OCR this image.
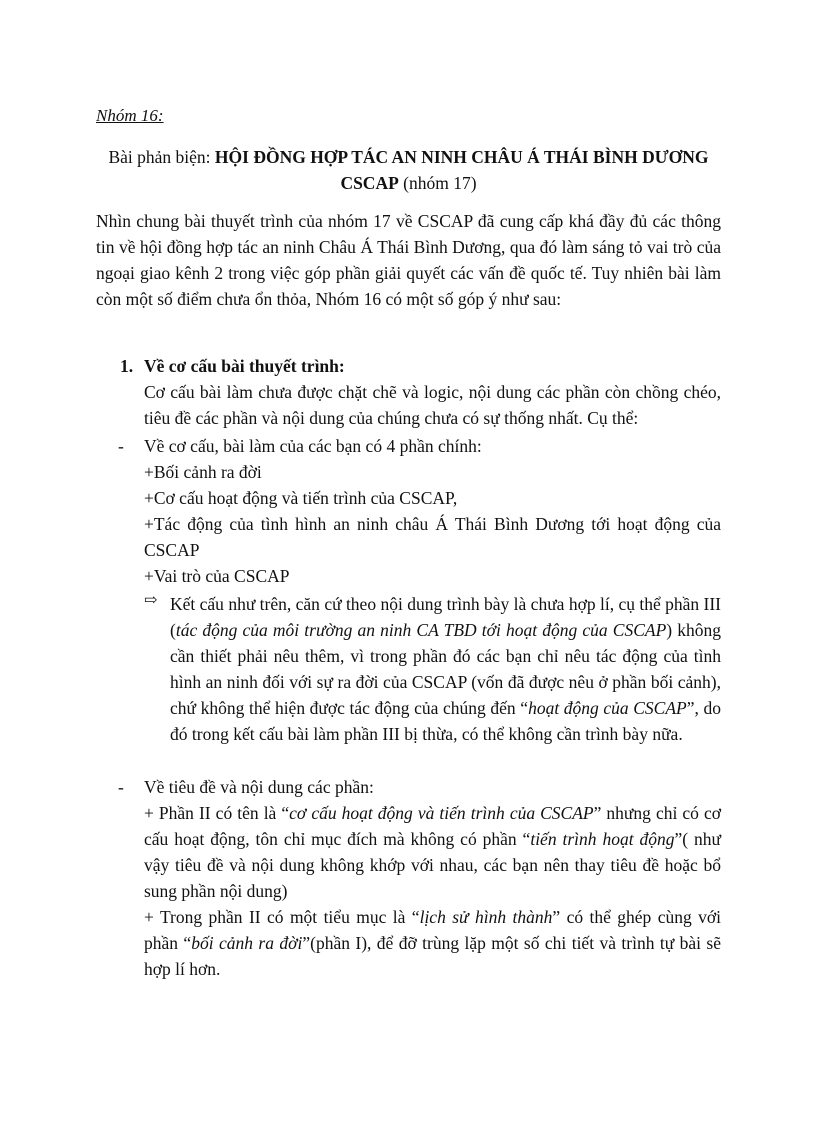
Nhóm 16:

Bài phản biện: HỘI ĐỒNG HỢP TÁC AN NINH CHÂU Á THÁI BÌNH DƯƠNG CSCAP (nhóm 17)

Nhìn chung bài thuyết trình của nhóm 17 về CSCAP đã cung cấp khá đầy đủ các thông tin về hội đồng hợp tác an ninh Châu Á Thái Bình Dương, qua đó làm sáng tỏ vai trò của ngoại giao kênh 2 trong việc góp phần giải quyết các vấn đề quốc tế. Tuy nhiên bài làm còn một số điểm chưa ổn thỏa, Nhóm 16 có một số góp ý như sau:

1. Về cơ cấu bài thuyết trình:

Cơ cấu bài làm chưa được chặt chẽ và logic, nội dung các phần còn chồng chéo, tiêu đề các phần và nội dung của chúng chưa có sự thống nhất. Cụ thể:

- Về cơ cấu, bài làm của các bạn có 4 phần chính:

+Bối cảnh ra đời

+Cơ cấu hoạt động và tiến trình của CSCAP,

+Tác động của tình hình an ninh châu Á Thái Bình Dương tới hoạt động của CSCAP

+Vai trò của CSCAP

⇨ Kết cấu như trên, căn cứ theo nội dung trình bày là chưa hợp lí, cụ thể phần III (tác động của môi trường an ninh CA TBD tới hoạt động của CSCAP) không cần thiết phải nêu thêm, vì trong phần đó các bạn chỉ nêu tác động của tình hình an ninh đối với sự ra đời của CSCAP (vốn đã được nêu ở phần bối cảnh), chứ không thể hiện được tác động của chúng đến “hoạt động của CSCAP”, do đó trong kết cấu bài làm phần III bị thừa, có thể không cần trình bày nữa.

- Về tiêu đề và nội dung các phần:

+ Phần II có tên là “cơ cấu hoạt động và tiến trình của CSCAP” nhưng chỉ có cơ cấu hoạt động, tôn chỉ mục đích mà không có phần “tiến trình hoạt động”( như vậy tiêu đề và nội dung không khớp với nhau, các bạn nên thay tiêu đề hoặc bổ sung phần nội dung)

+ Trong phần II có một tiểu mục là “lịch sử hình thành” có thể ghép cùng với phần “bối cảnh ra đời”(phần I), để đỡ trùng lặp một số chi tiết và trình tự bài sẽ hợp lí hơn.
